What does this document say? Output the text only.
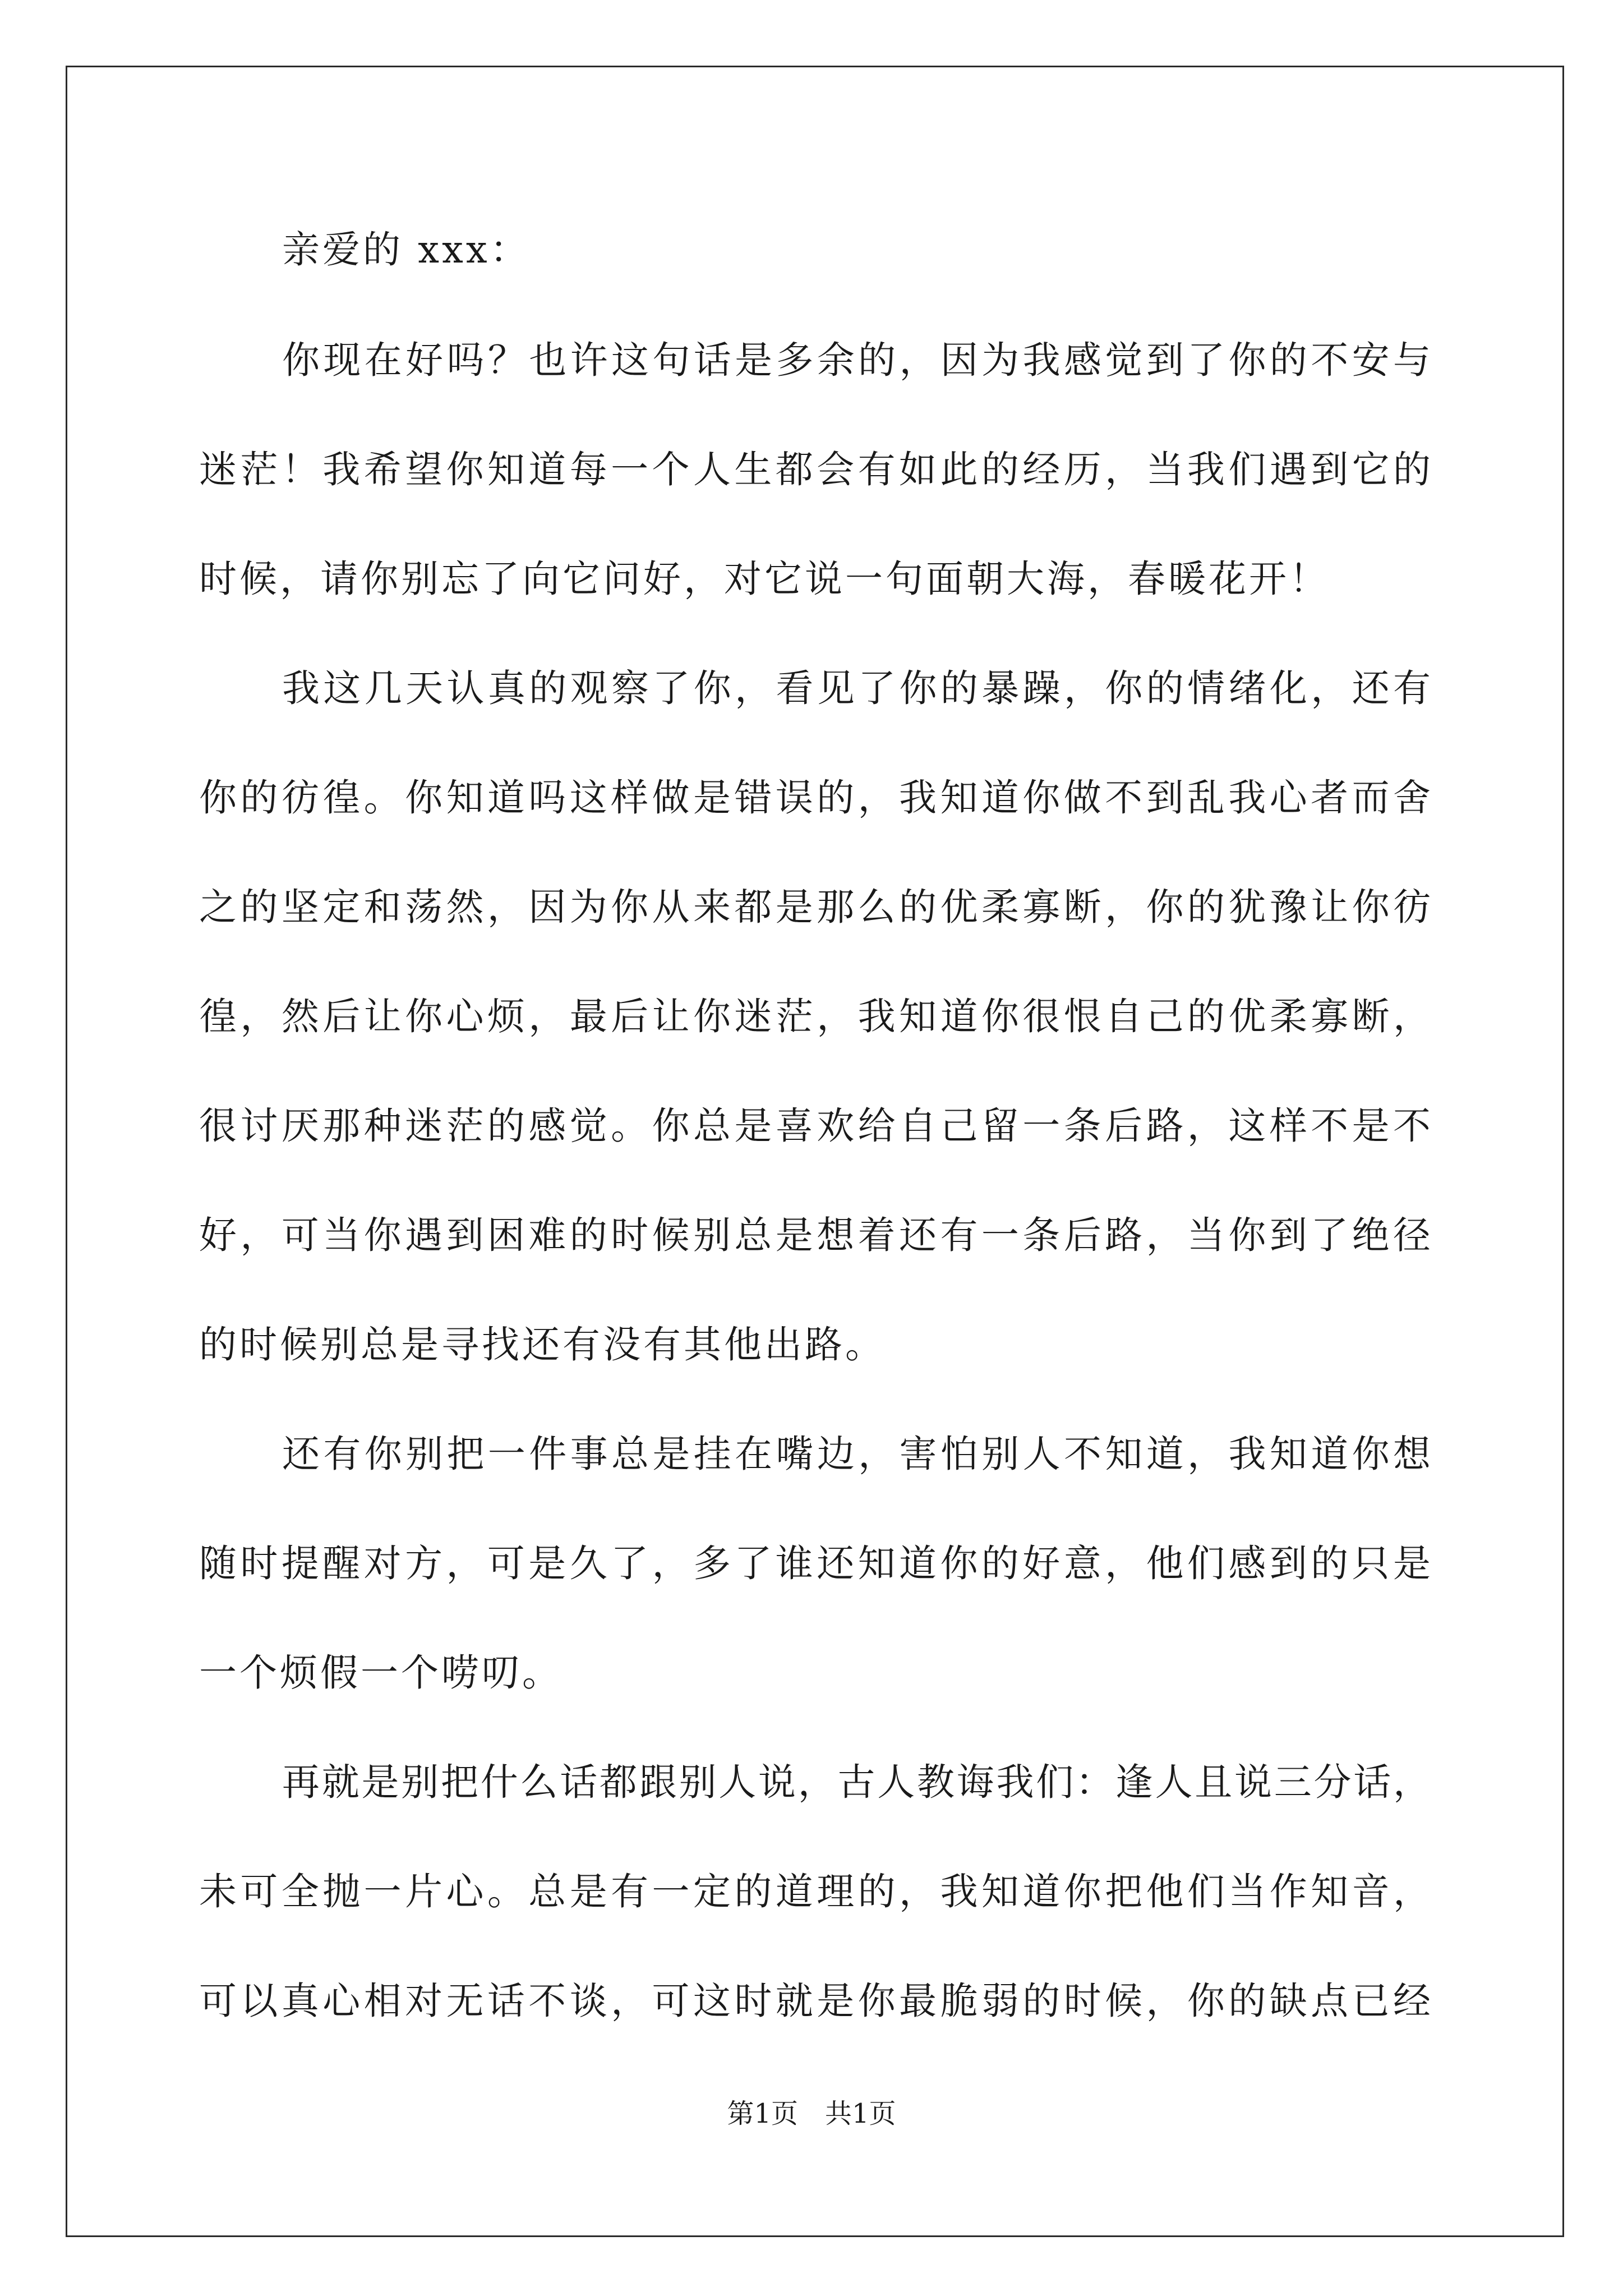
亲爱的 xxx：
你现在好吗？也许这句话是多余的，因为我感觉到了你的不安与
迷茫！我希望你知道每一个人生都会有如此的经历，当我们遇到它的
时候，请你别忘了向它问好，对它说一句面朝大海，春暖花开！
我这几天认真的观察了你，看见了你的暴躁，你的情绪化，还有
你的彷徨。你知道吗这样做是错误的，我知道你做不到乱我心者而舍
之的坚定和荡然，因为你从来都是那么的优柔寡断，你的犹豫让你彷
徨，然后让你心烦，最后让你迷茫，我知道你很恨自己的优柔寡断，
很讨厌那种迷茫的感觉。你总是喜欢给自己留一条后路，这样不是不
好，可当你遇到困难的时候别总是想着还有一条后路，当你到了绝径
的时候别总是寻找还有没有其他出路。
还有你别把一件事总是挂在嘴边，害怕别人不知道，我知道你想
随时提醒对方，可是久了，多了谁还知道你的好意，他们感到的只是
一个烦假一个唠叨。
再就是别把什么话都跟别人说，古人教诲我们：逢人且说三分话，
未可全抛一片心。总是有一定的道理的，我知道你把他们当作知音，
可以真心相对无话不谈，可这时就是你最脆弱的时候，你的缺点已经
第1页　共1页
